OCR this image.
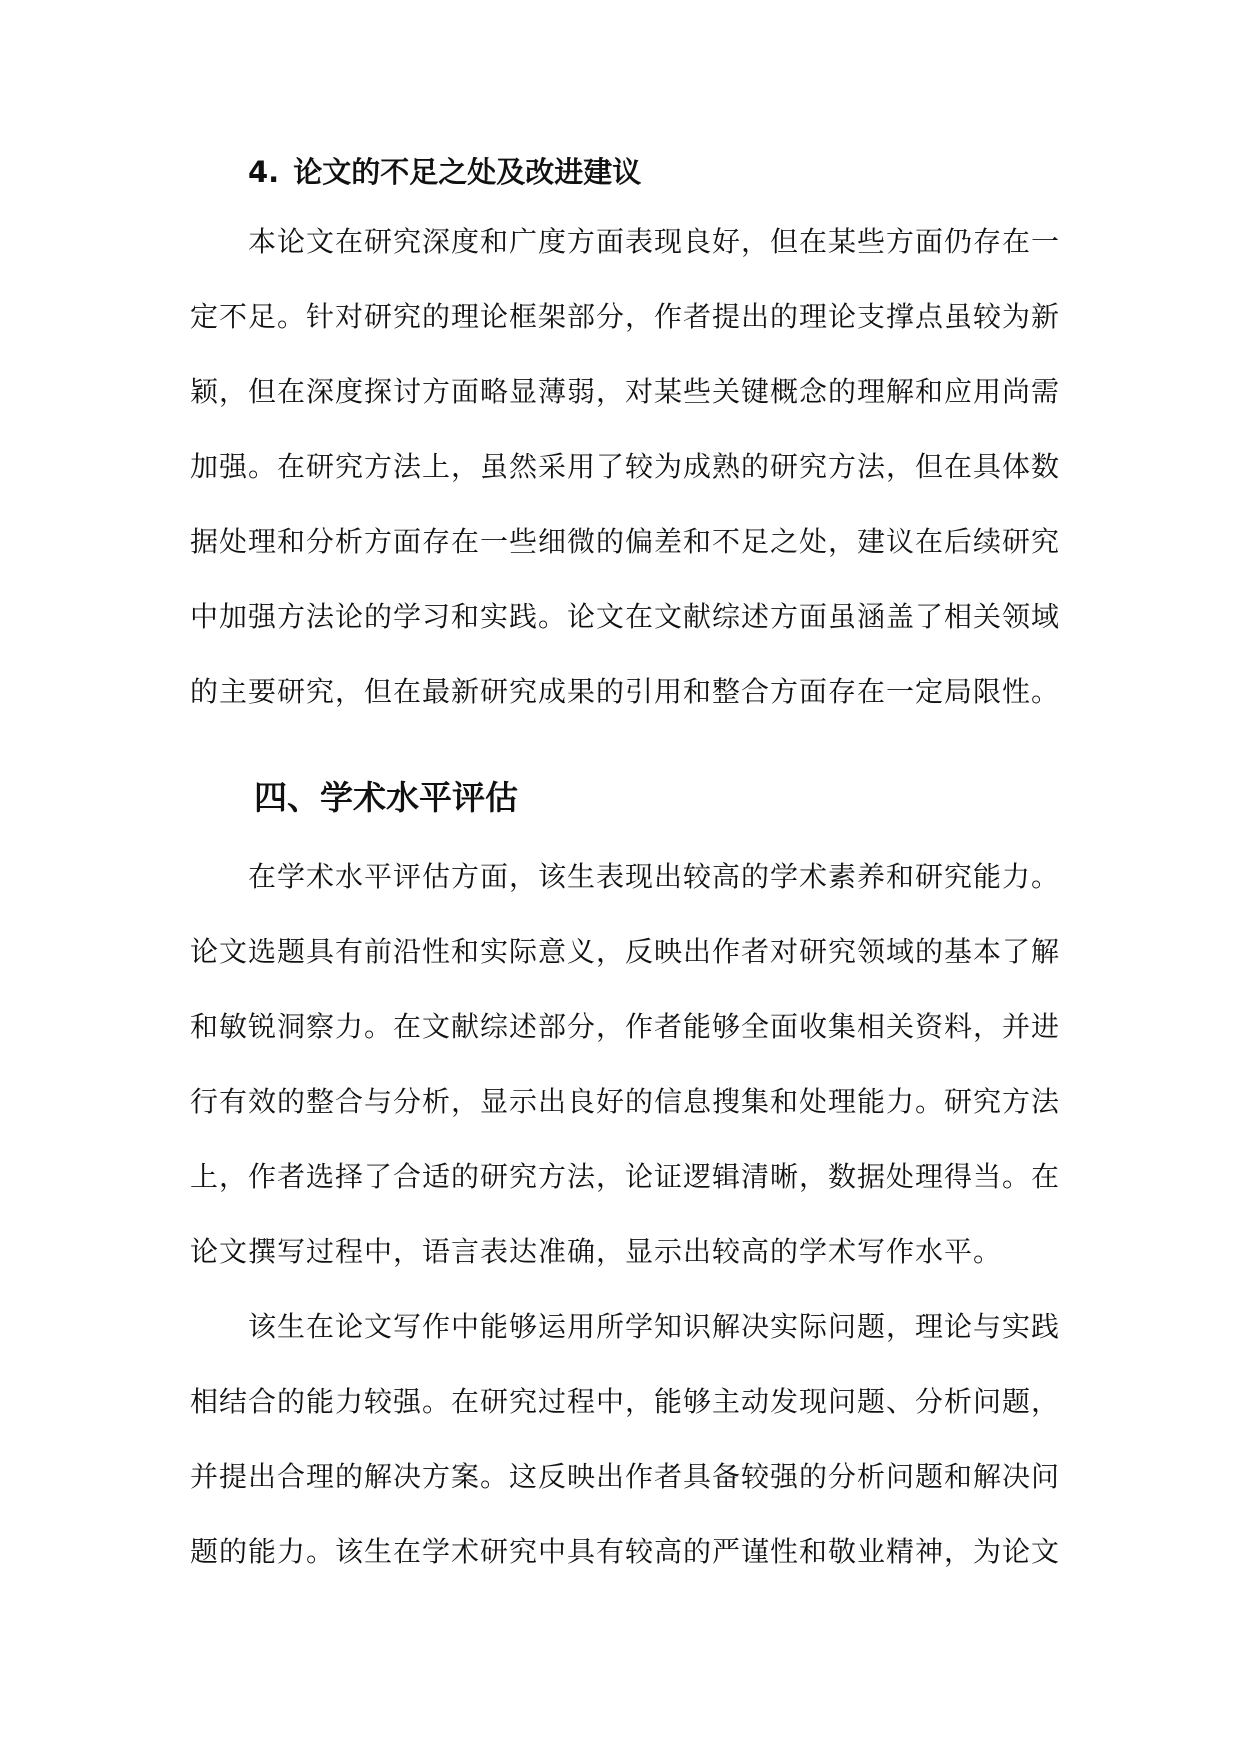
4. 论文的不足之处及改进建议

本论文在研究深度和广度方面表现良好，但在某些方面仍存在一定不足。针对研究的理论框架部分，作者提出的理论支撑点虽较为新颖，但在深度探讨方面略显薄弱，对某些关键概念的理解和应用尚需加强。在研究方法上，虽然采用了较为成熟的研究方法，但在具体数据处理和分析方面存在一些细微的偏差和不足之处，建议在后续研究中加强方法论的学习和实践。论文在文献综述方面虽涵盖了相关领域的主要研究，但在最新研究成果的引用和整合方面存在一定局限性。

四、学术水平评估

在学术水平评估方面，该生表现出较高的学术素养和研究能力。论文选题具有前沿性和实际意义，反映出作者对研究领域的基本了解和敏锐洞察力。在文献综述部分，作者能够全面收集相关资料，并进行有效的整合与分析，显示出良好的信息搜集和处理能力。研究方法上，作者选择了合适的研究方法，论证逻辑清晰，数据处理得当。在论文撰写过程中，语言表达准确，显示出较高的学术写作水平。

该生在论文写作中能够运用所学知识解决实际问题，理论与实践相结合的能力较强。在研究过程中，能够主动发现问题、分析问题，并提出合理的解决方案。这反映出作者具备较强的分析问题和解决问题的能力。该生在学术研究中具有较高的严谨性和敬业精神，为论文
